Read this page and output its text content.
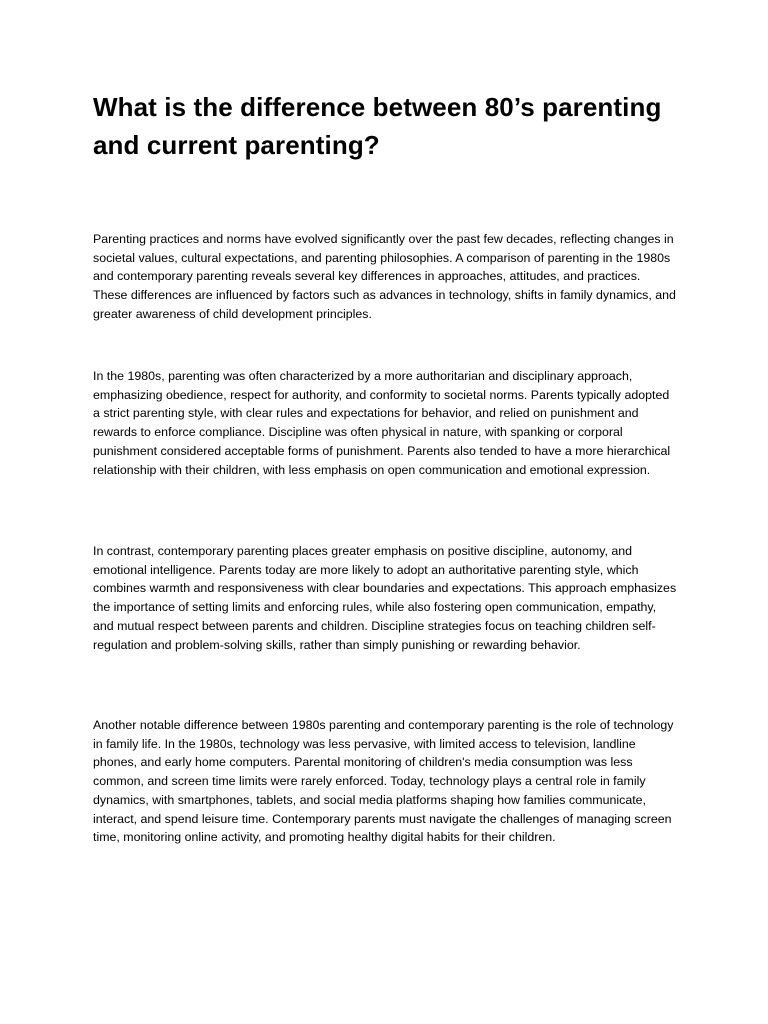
What is the difference between 80’s parenting and current parenting?

Parenting practices and norms have evolved significantly over the past few decades, reflecting changes in societal values, cultural expectations, and parenting philosophies. A comparison of parenting in the 1980s and contemporary parenting reveals several key differences in approaches, attitudes, and practices. These differences are influenced by factors such as advances in technology, shifts in family dynamics, and greater awareness of child development principles.

In the 1980s, parenting was often characterized by a more authoritarian and disciplinary approach, emphasizing obedience, respect for authority, and conformity to societal norms. Parents typically adopted a strict parenting style, with clear rules and expectations for behavior, and relied on punishment and rewards to enforce compliance. Discipline was often physical in nature, with spanking or corporal punishment considered acceptable forms of punishment. Parents also tended to have a more hierarchical relationship with their children, with less emphasis on open communication and emotional expression.

In contrast, contemporary parenting places greater emphasis on positive discipline, autonomy, and emotional intelligence. Parents today are more likely to adopt an authoritative parenting style, which combines warmth and responsiveness with clear boundaries and expectations. This approach emphasizes the importance of setting limits and enforcing rules, while also fostering open communication, empathy, and mutual respect between parents and children. Discipline strategies focus on teaching children self-regulation and problem-solving skills, rather than simply punishing or rewarding behavior.

Another notable difference between 1980s parenting and contemporary parenting is the role of technology in family life. In the 1980s, technology was less pervasive, with limited access to television, landline phones, and early home computers. Parental monitoring of children's media consumption was less common, and screen time limits were rarely enforced. Today, technology plays a central role in family dynamics, with smartphones, tablets, and social media platforms shaping how families communicate, interact, and spend leisure time. Contemporary parents must navigate the challenges of managing screen time, monitoring online activity, and promoting healthy digital habits for their children.
